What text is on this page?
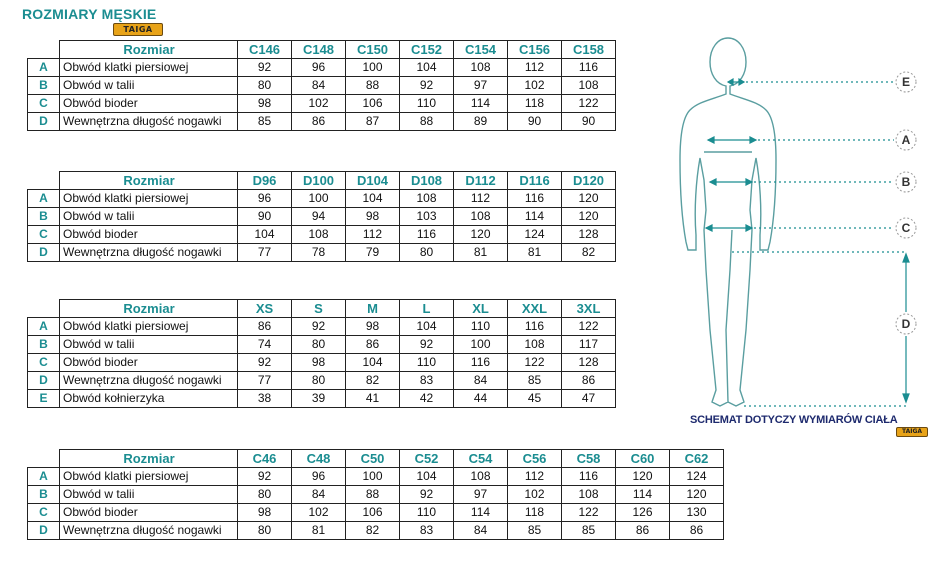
ROZMIARY MĘSKIE
TAIGA
	Rozmiar	C146	C148	C150	C152	C154	C156	C158
A	Obwód klatki piersiowej	92	96	100	104	108	112	116
B	Obwód w talii	80	84	88	92	97	102	108
C	Obwód bioder	98	102	106	110	114	118	122
D	Wewnętrzna długość nogawki	85	86	87	88	89	90	90
	Rozmiar	D96	D100	D104	D108	D112	D116	D120
A	Obwód klatki piersiowej	96	100	104	108	112	116	120
B	Obwód w talii	90	94	98	103	108	114	120
C	Obwód bioder	104	108	112	116	120	124	128
D	Wewnętrzna długość nogawki	77	78	79	80	81	81	82
	Rozmiar	XS	S	M	L	XL	XXL	3XL
A	Obwód klatki piersiowej	86	92	98	104	110	116	122
B	Obwód w talii	74	80	86	92	100	108	117
C	Obwód bioder	92	98	104	110	116	122	128
D	Wewnętrzna długość nogawki	77	80	82	83	84	85	86
E	Obwód kołnierzyka	38	39	41	42	44	45	47
	Rozmiar	C46	C48	C50	C52	C54	C56	C58	C60	C62
A	Obwód klatki piersiowej	92	96	100	104	108	112	116	120	124
B	Obwód w talii	80	84	88	92	97	102	108	114	120
C	Obwód bioder	98	102	106	110	114	118	122	126	130
D	Wewnętrzna długość nogawki	80	81	82	83	84	85	85	86	86
E
A
B
C
D
SCHEMAT DOTYCZY WYMIARÓW CIAŁA
TAIGA
